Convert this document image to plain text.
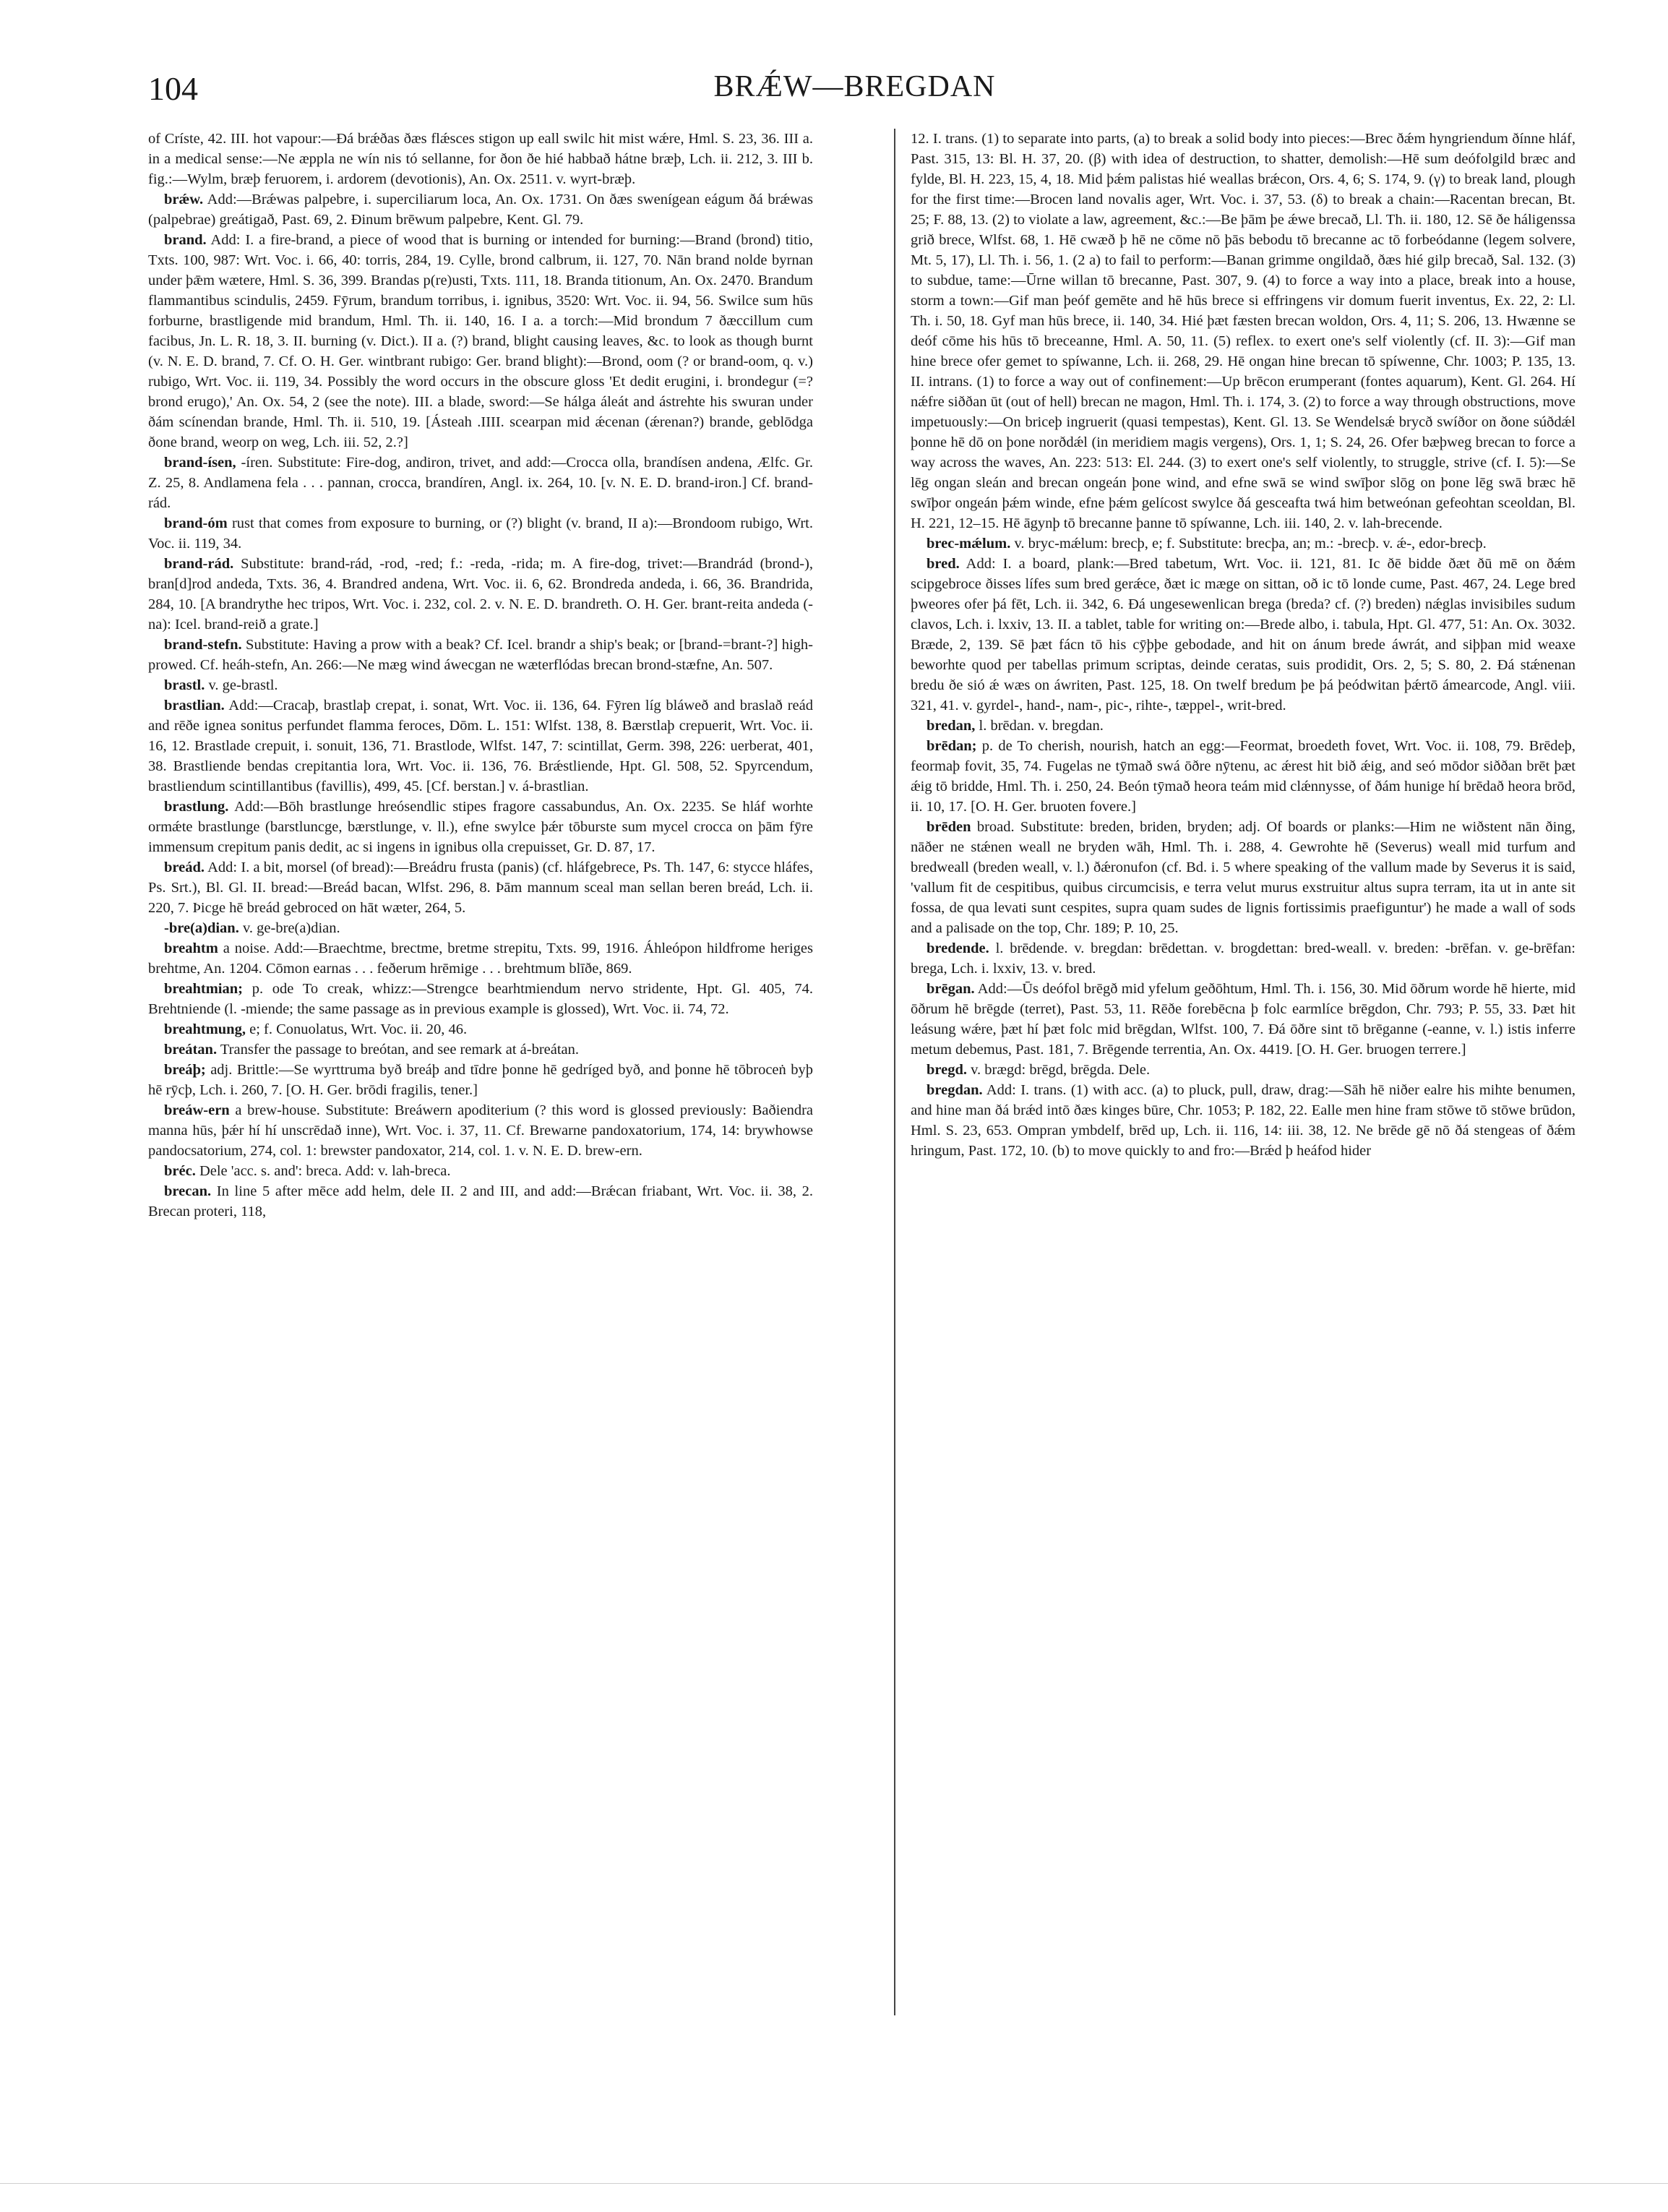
104	BRǼW—BREGDAN

of Críste, 42. III. hot vapour:—Ðá brǽðas ðæs flǽsces stigon up eall swilc hit mist wǽre, Hml. S. 23, 36. III a. in a medical sense:—Ne æppla ne wín nis tó sellanne, for ðon ðe hié habbað hátne bræþ, Lch. ii. 212, 3. III b. fig.:—Wylm, bræþ feruorem, i. ardorem (devotionis), An. Ox. 2511. v. wyrt-bræþ.

brǽw. Add:—Brǽwas palpebre, i. superciliarum loca, An. Ox. 1731. On ðæs swenígean eágum ðá brǽwas (palpebrae) greátigað, Past. 69, 2. Ðinum brēwum palpebre, Kent. Gl. 79.

brand. Add: I. a fire-brand, a piece of wood that is burning or intended for burning:—Brand (brond) titio, Txts. 100, 987: Wrt. Voc. i. 66, 40: torris, 284, 19. Cylle, brond calbrum, ii. 127, 70. Nān brand nolde byrnan under þǣm wætere, Hml. S. 36, 399. Brandas p(re)usti, Txts. 111, 18. Branda titionum, An. Ox. 2470. Brandum flammantibus scindulis, 2459. Fȳrum, brandum torribus, i. ignibus, 3520: Wrt. Voc. ii. 94, 56. Swilce sum hūs forburne, brastligende mid brandum, Hml. Th. ii. 140, 16. I a. a torch:—Mid brondum 7 ðæccillum cum facibus, Jn. L. R. 18, 3. II. burning (v. Dict.). II a. (?) brand, blight causing leaves, &c. to look as though burnt (v. N. E. D. brand, 7. Cf. O. H. Ger. wintbrant rubigo: Ger. brand blight):—Brond, oom (? or brand-oom, q. v.) rubigo, Wrt. Voc. ii. 119, 34. Possibly the word occurs in the obscure gloss 'Et dedit erugini, i. brondegur (=? brond erugo),' An. Ox. 54, 2 (see the note). III. a blade, sword:—Se hálga áleát and ástrehte his swuran under ðám scínendan brande, Hml. Th. ii. 510, 19. [Ásteah .IIII. scearpan mid ǽcenan (ǽrenan?) brande, geblōdga ðone brand, weorp on weg, Lch. iii. 52, 2.?]

brand-ísen, -íren. Substitute: Fire-dog, andiron, trivet, and add:—Crocca olla, brandísen andena, Ælfc. Gr. Z. 25, 8. Andlamena fela . . . pannan, crocca, brandíren, Angl. ix. 264, 10. [v. N. E. D. brand-iron.] Cf. brand-rád.

brand-óm rust that comes from exposure to burning, or (?) blight (v. brand, II a):—Brondoom rubigo, Wrt. Voc. ii. 119, 34.

brand-rád. Substitute: brand-rád, -rod, -red; f.: -reda, -rida; m. A fire-dog, trivet:—Brandrád (brond-), bran[d]rod andeda, Txts. 36, 4. Brandred andena, Wrt. Voc. ii. 6, 62. Brondreda andeda, i. 66, 36. Brandrida, 284, 10. [A brandrythe hec tripos, Wrt. Voc. i. 232, col. 2. v. N. E. D. brandreth. O. H. Ger. brant-reita andeda (-na): Icel. brand-reið a grate.]

brand-stefn. Substitute: Having a prow with a beak? Cf. Icel. brandr a ship's beak; or [brand-=brant-?] high-prowed. Cf. heáh-stefn, An. 266:—Ne mæg wind áwecgan ne wæterflódas brecan brond-stæfne, An. 507.

brastl. v. ge-brastl.

brastlian. Add:—Cracaþ, brastlaþ crepat, i. sonat, Wrt. Voc. ii. 136, 64. Fȳren líg bláweð and braslað reád and rēðe ignea sonitus perfundet flamma feroces, Dōm. L. 151: Wlfst. 138, 8. Bærstlaþ crepuerit, Wrt. Voc. ii. 16, 12. Brastlade crepuit, i. sonuit, 136, 71. Brastlode, Wlfst. 147, 7: scintillat, Germ. 398, 226: uerberat, 401, 38. Brastliende bendas crepitantia lora, Wrt. Voc. ii. 136, 76. Brǽstliende, Hpt. Gl. 508, 52. Spyrcendum, brastliendum scintillantibus (favillis), 499, 45. [Cf. berstan.] v. á-brastlian.

brastlung. Add:—Bōh brastlunge hreósendlic stipes fragore cassabundus, An. Ox. 2235. Se hláf worhte ormǽte brastlunge (barstluncge, bærstlunge, v. ll.), efne swylce þǽr tōburste sum mycel crocca on þām fȳre immensum crepitum panis dedit, ac si ingens in ignibus olla crepuisset, Gr. D. 87, 17.

breád. Add: I. a bit, morsel (of bread):—Breádru frusta (panis) (cf. hláfgebrece, Ps. Th. 147, 6: stycce hláfes, Ps. Srt.), Bl. Gl. II. bread:—Breád bacan, Wlfst. 296, 8. Þām mannum sceal man sellan beren breád, Lch. ii. 220, 7. Þicge hē breád gebroced on hāt wæter, 264, 5.

-bre(a)dian. v. ge-bre(a)dian.

breahtm a noise. Add:—Braechtme, brectme, bretme strepitu, Txts. 99, 1916. Áhleópon hildfrome heriges brehtme, An. 1204. Cōmon earnas . . . feðerum hrēmige . . . brehtmum blīðe, 869.

breahtmian; p. ode To creak, whizz:—Strengce bearhtmiendum nervo stridente, Hpt. Gl. 405, 74. Brehtniende (l. -miende; the same passage as in previous example is glossed), Wrt. Voc. ii. 74, 72.

breahtmung, e; f. Conuolatus, Wrt. Voc. ii. 20, 46.

breátan. Transfer the passage to breótan, and see remark at á-breátan.

breáþ; adj. Brittle:—Se wyrttruma byð breáþ and tīdre þonne hē gedríged byð, and þonne hē tōbroceṅ byþ hē rȳcþ, Lch. i. 260, 7. [O. H. Ger. brōdi fragilis, tener.]

breáw-ern a brew-house. Substitute: Breáwern apoditerium (? this word is glossed previously: Baðiendra manna hūs, þǽr hí hí unscrēdað inne), Wrt. Voc. i. 37, 11. Cf. Brewarne pandoxatorium, 174, 14: brywhowse pandocsatorium, 274, col. 1: brewster pandoxator, 214, col. 1. v. N. E. D. brew-ern.

bréc. Dele 'acc. s. and': breca. Add: v. lah-breca.

brecan. In line 5 after mēce add helm, dele II. 2 and III, and add:—Brǽcan friabant, Wrt. Voc. ii. 38, 2. Brecan proteri, 118,

12. I. trans. (1) to separate into parts, (a) to break a solid body into pieces:—Brec ðǽm hyngriendum ðínne hláf, Past. 315, 13: Bl. H. 37, 20. (β) with idea of destruction, to shatter, demolish:—Hē sum deófolgild bræc and fylde, Bl. H. 223, 15, 4, 18. Mid þǽm palistas hié weallas brǽcon, Ors. 4, 6; S. 174, 9. (γ) to break land, plough for the first time:—Brocen land novalis ager, Wrt. Voc. i. 37, 53. (δ) to break a chain:—Racentan brecan, Bt. 25; F. 88, 13. (2) to violate a law, agreement, &c.:—Be þām þe ǽwe brecað, Ll. Th. ii. 180, 12. Sē ðe háligenssa grið brece, Wlfst. 68, 1. Hē cwæð þ hē ne cōme nō þās bebodu tō brecanne ac tō forbeódanne (legem solvere, Mt. 5, 17), Ll. Th. i. 56, 1. (2 a) to fail to perform:—Banan grimme ongildað, ðæs hié gilp brecað, Sal. 132. (3) to subdue, tame:—Ūrne willan tō brecanne, Past. 307, 9. (4) to force a way into a place, break into a house, storm a town:—Gif man þeóf gemēte and hē hūs brece si effringens vir domum fuerit inventus, Ex. 22, 2: Ll. Th. i. 50, 18. Gyf man hūs brece, ii. 140, 34. Hié þæt fæsten brecan woldon, Ors. 4, 11; S. 206, 13. Hwænne se deóf cōme his hūs tō breceanne, Hml. A. 50, 11. (5) reflex. to exert one's self violently (cf. II. 3):—Gif man hine brece ofer gemet to spíwanne, Lch. ii. 268, 29. Hē ongan hine brecan tō spíwenne, Chr. 1003; P. 135, 13. II. intrans. (1) to force a way out of confinement:—Up brēcon erumperant (fontes aquarum), Kent. Gl. 264. Hí nǽfre siððan ūt (out of hell) brecan ne magon, Hml. Th. i. 174, 3. (2) to force a way through obstructions, move impetuously:—On briceþ ingruerit (quasi tempestas), Kent. Gl. 13. Se Wendelsǽ brycð swíðor on ðone súðdǽl þonne hē dō on þone norðdǽl (in meridiem magis vergens), Ors. 1, 1; S. 24, 26. Ofer bæþweg brecan to force a way across the waves, An. 223: 513: El. 244. (3) to exert one's self violently, to struggle, strive (cf. I. 5):—Se lēg ongan sleán and brecan ongeán þone wind, and efne swā se wind swīþor slōg on þone lēg swā bræc hē swīþor ongeán þǽm winde, efne þǽm gelícost swylce ðá gesceafta twá him betweónan gefeohtan sceoldan, Bl. H. 221, 12–15. Hē āgynþ tō brecanne þanne tō spíwanne, Lch. iii. 140, 2. v. lah-brecende.

brec-mǽlum. v. bryc-mǽlum: brecþ, e; f. Substitute: brecþa, an; m.: -brecþ. v. ǽ-, edor-brecþ.

bred. Add: I. a board, plank:—Bred tabetum, Wrt. Voc. ii. 121, 81. Ic ðē bidde ðæt ðū mē on ðǽm scipgebroce ðisses lífes sum bred gerǽce, ðæt ic mæge on sittan, oð ic tō londe cume, Past. 467, 24. Lege bred þweores ofer þá fēt, Lch. ii. 342, 6. Ðá ungesewenlican brega (breda? cf. (?) breden) nǽglas invisibiles sudum clavos, Lch. i. lxxiv, 13. II. a tablet, table for writing on:—Brede albo, i. tabula, Hpt. Gl. 477, 51: An. Ox. 3032. Bræde, 2, 139. Sē þæt fácn tō his cȳþþe gebodade, and hit on ánum brede áwrát, and siþþan mid weaxe beworhte quod per tabellas primum scriptas, deinde ceratas, suis prodidit, Ors. 2, 5; S. 80, 2. Ðá stǽnenan bredu ðe sió ǽ wæs on áwriten, Past. 125, 18. On twelf bredum þe þá þeódwitan þǽrtō ámearcode, Angl. viii. 321, 41. v. gyrdel-, hand-, nam-, pic-, rihte-, tæppel-, writ-bred.

bredan, l. brēdan. v. bregdan.

brēdan; p. de To cherish, nourish, hatch an egg:—Feormat, broedeth fovet, Wrt. Voc. ii. 108, 79. Brēdeþ, feormaþ fovit, 35, 74. Fugelas ne tȳmað swá ōðre nȳtenu, ac ǽrest hit bið ǽig, and seó mōdor siððan brēt þæt ǽig tō bridde, Hml. Th. i. 250, 24. Beón tȳmað heora teám mid clǽnnysse, of ðám hunige hí brēdað heora brōd, ii. 10, 17. [O. H. Ger. bruoten fovere.]

brēden broad. Substitute: breden, briden, bryden; adj. Of boards or planks:—Him ne wiðstent nān ðing, nāðer ne stǽnen weall ne bryden wāh, Hml. Th. i. 288, 4. Gewrohte hē (Severus) weall mid turfum and bredweall (breden weall, v. l.) ðǽronufon (cf. Bd. i. 5 where speaking of the vallum made by Severus it is said, 'vallum fit de cespitibus, quibus circumcisis, e terra velut murus exstruitur altus supra terram, ita ut in ante sit fossa, de qua levati sunt cespites, supra quam sudes de lignis fortissimis praefiguntur') he made a wall of sods and a palisade on the top, Chr. 189; P. 10, 25.

bredende. l. brēdende. v. bregdan: brēdettan. v. brogdettan: bred-weall. v. breden: -brēfan. v. ge-brēfan: brega, Lch. i. lxxiv, 13. v. bred.

brēgan. Add:—Ūs deófol brēgð mid yfelum geðōhtum, Hml. Th. i. 156, 30. Mid ōðrum worde hē hierte, mid ōðrum hē brēgde (terret), Past. 53, 11. Rēðe forebēcna þ folc earmlíce brēgdon, Chr. 793; P. 55, 33. Þæt hit leásung wǽre, þæt hí þæt folc mid brēgdan, Wlfst. 100, 7. Ðá ōðre sint tō brēganne (-eanne, v. l.) istis inferre metum debemus, Past. 181, 7. Brēgende terrentia, An. Ox. 4419. [O. H. Ger. bruogen terrere.]

bregd. v. brægd: brēgd, brēgda. Dele.

bregdan. Add: I. trans. (1) with acc. (a) to pluck, pull, draw, drag:—Sāh hē niðer ealre his mihte benumen, and hine man ðá brǽd intō ðæs kinges būre, Chr. 1053; P. 182, 22. Ealle men hine fram stōwe tō stōwe brūdon, Hml. S. 23, 653. Ompran ymbdelf, brēd up, Lch. ii. 116, 14: iii. 38, 12. Ne brēde gē nō ðá stengeas of ðǽm hringum, Past. 172, 10. (b) to move quickly to and fro:—Brǽd þ heáfod hider
